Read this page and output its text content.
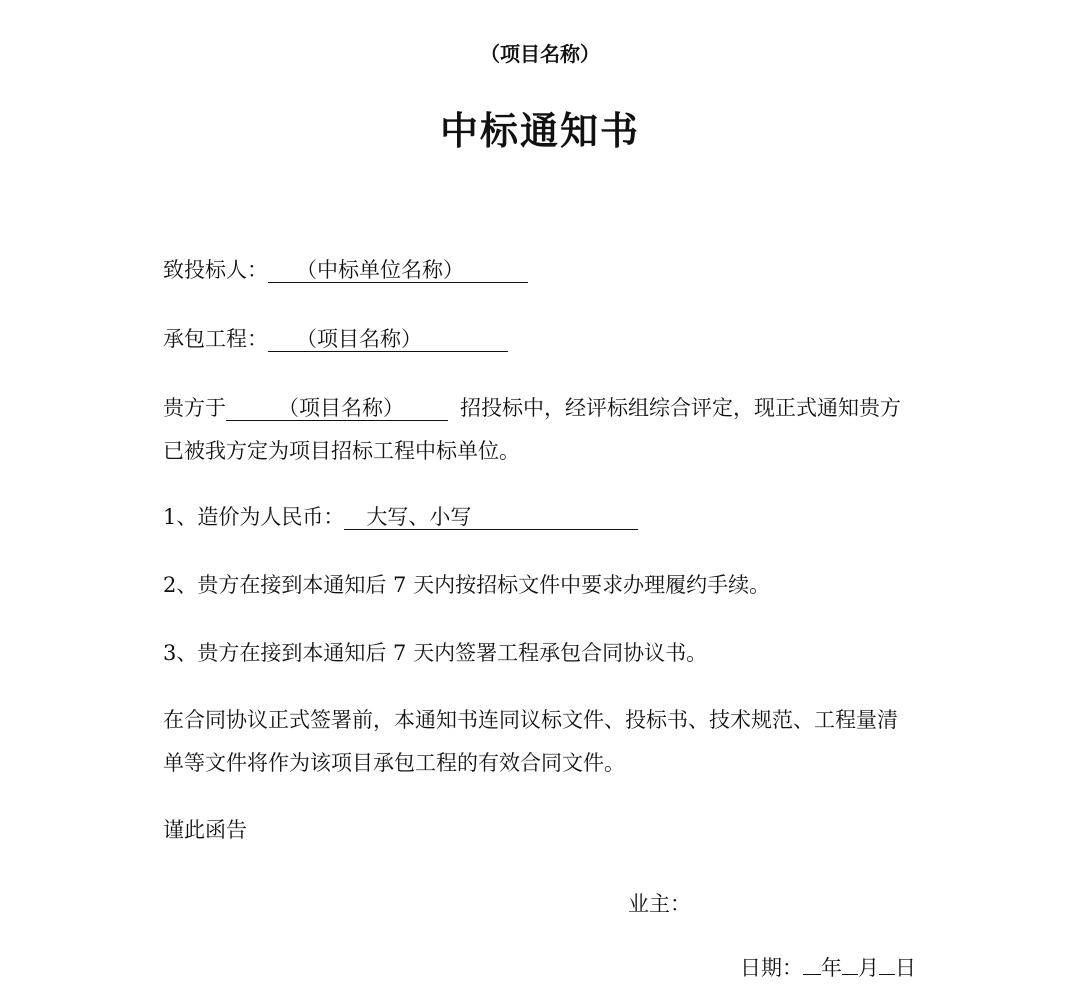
（项目名称）
中标通知书
致投标人： （中标单位名称）
承包工程： （项目名称）
贵方于 （项目名称）	招投标中，经评标组综合评定，现正式通知贵方
已被我方定为项目招标工程中标单位。
1、造价为人民币： 大写、小写
2、贵方在接到本通知后 7 天内按招标文件中要求办理履约手续。
3、贵方在接到本通知后 7 天内签署工程承包合同协议书。
在合同协议正式签署前，本通知书连同议标文件、投标书、技术规范、工程量清
单等文件将作为该项目承包工程的有效合同文件。
谨此函告
业主：
日期： 年 月 日
